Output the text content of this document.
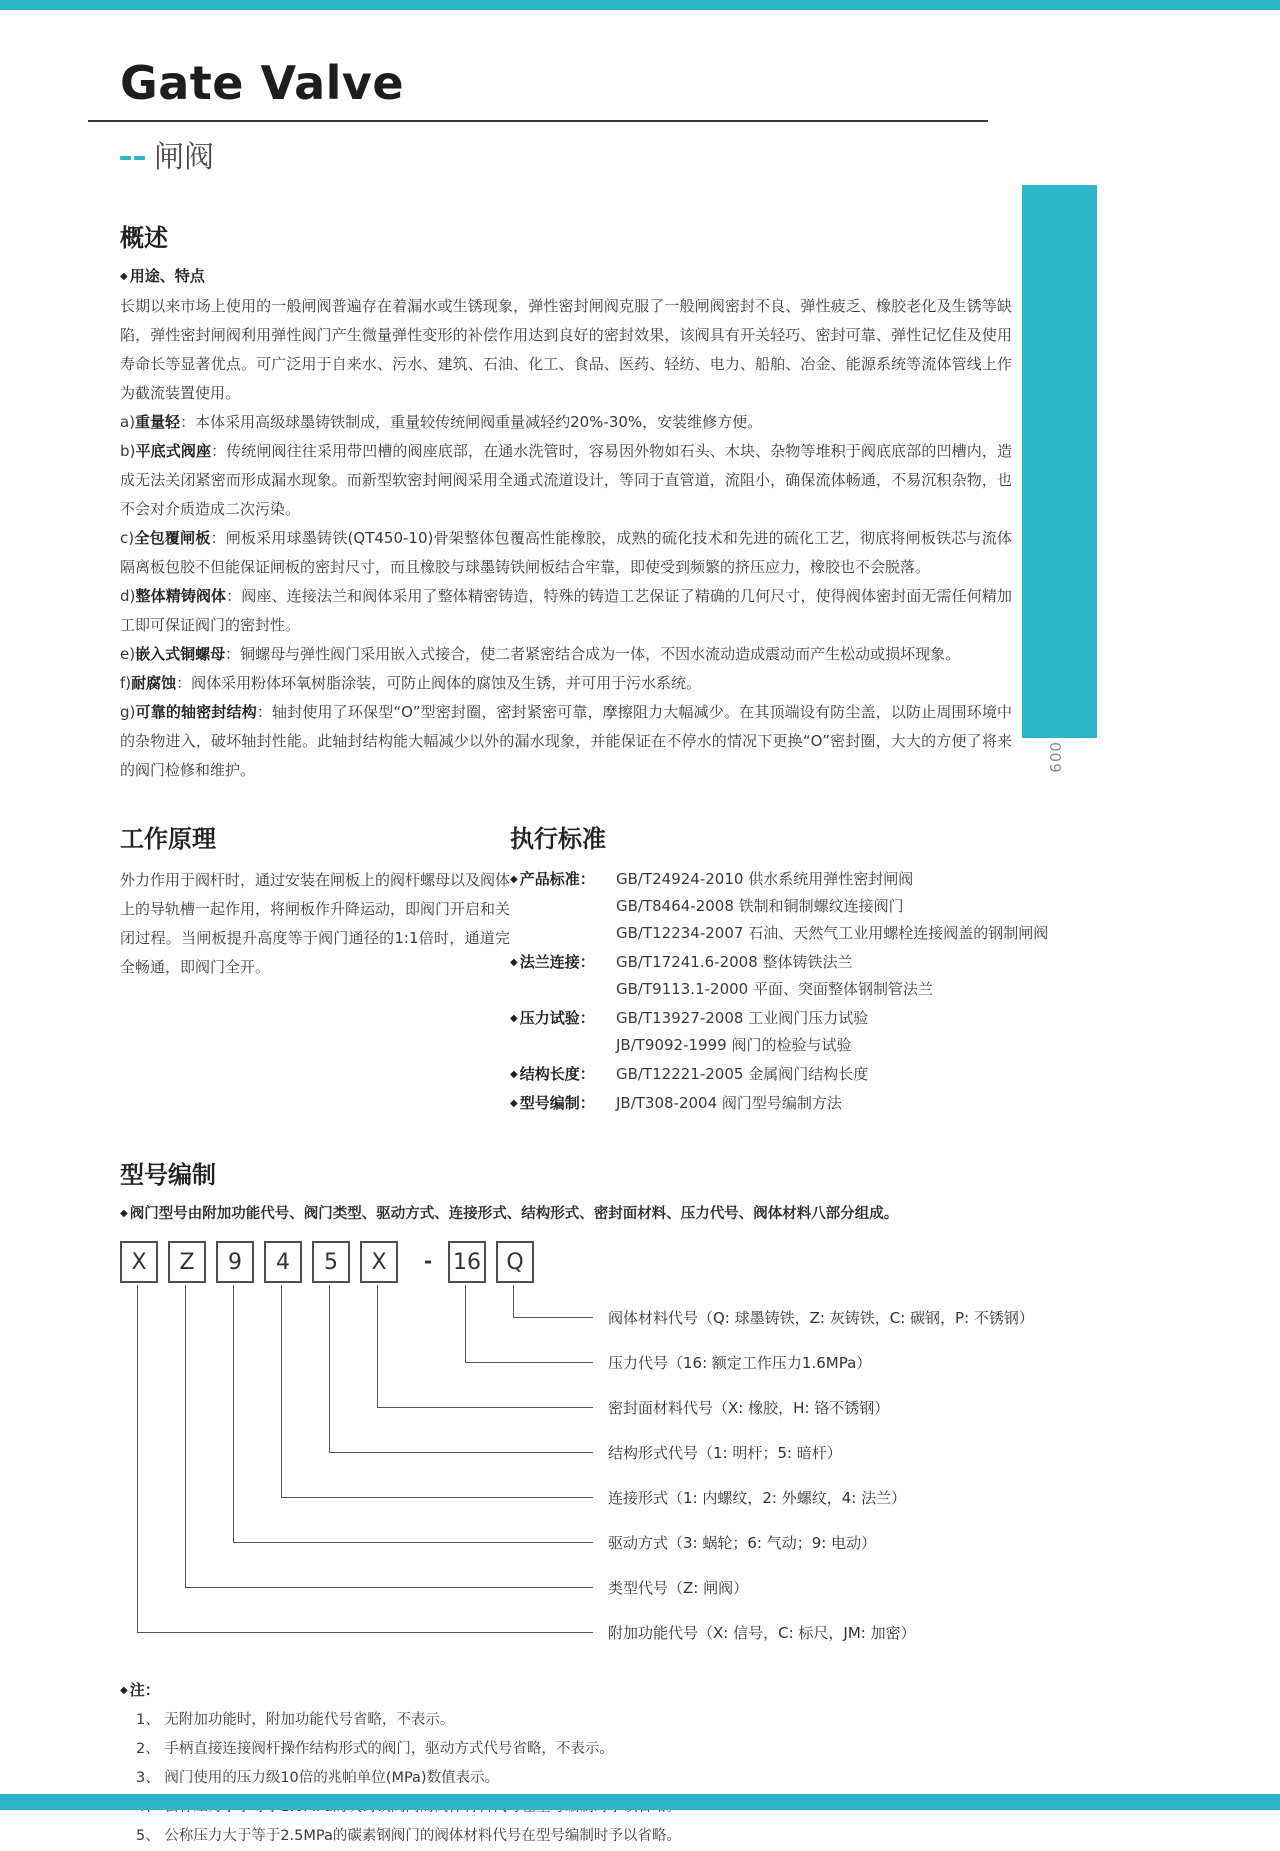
Gate Valve
闸阀
概述
◆ 用途、特点

长期以来市场上使用的一般闸阀普遍存在着漏水或生锈现象，弹性密封闸阀克服了一般闸阀密封不良、弹性疲乏、橡胶老化及生锈等缺陷，弹性密封闸阀利用弹性阀门产生微量弹性变形的补偿作用达到良好的密封效果，该阀具有开关轻巧、密封可靠、弹性记忆佳及使用寿命长等显著优点。可广泛用于自来水、污水、建筑、石油、化工、食品、医药、轻纺、电力、船舶、冶金、能源系统等流体管线上作为截流装置使用。

a)重量轻：本体采用高级球墨铸铁制成，重量较传统闸阀重量减轻约20%-30%，安装维修方便。

b)平底式阀座：传统闸阀往往采用带凹槽的阀座底部，在通水洗管时，容易因外物如石头、木块、杂物等堆积于阀底底部的凹槽内，造成无法关闭紧密而形成漏水现象。而新型软密封闸阀采用全通式流道设计，等同于直管道，流阻小，确保流体畅通，不易沉积杂物，也不会对介质造成二次污染。

c)全包覆闸板：闸板采用球墨铸铁(QT450-10)骨架整体包覆高性能橡胶，成熟的硫化技术和先进的硫化工艺，彻底将闸板铁芯与流体隔离板包胶不但能保证闸板的密封尺寸，而且橡胶与球墨铸铁闸板结合牢靠，即使受到频繁的挤压应力，橡胶也不会脱落。

d)整体精铸阀体：阀座、连接法兰和阀体采用了整体精密铸造，特殊的铸造工艺保证了精确的几何尺寸，使得阀体密封面无需任何精加工即可保证阀门的密封性。

e)嵌入式铜螺母：铜螺母与弹性阀门采用嵌入式接合，使二者紧密结合成为一体，不因水流动造成震动而产生松动或损坏现象。

f)耐腐蚀：阀体采用粉体环氧树脂涂装，可防止阀体的腐蚀及生锈，并可用于污水系统。

g)可靠的轴密封结构：轴封使用了环保型“O”型密封圈，密封紧密可靠，摩擦阻力大幅减少。在其顶端设有防尘盖，以防止周围环境中的杂物进入，破坏轴封性能。此轴封结构能大幅减少以外的漏水现象，并能保证在不停水的情况下更换“O”密封圈，大大的方便了将来的阀门检修和维护。

工作原理

外力作用于阀杆时，通过安装在闸板上的阀杆螺母以及阀体上的导轨槽一起作用，将闸板作升降运动，即阀门开启和关闭过程。当闸板提升高度等于阀门通径的1:1倍时，通道完全畅通，即阀门全开。

执行标准
◆ 产品标准：	GB/T24924-2010 供水系统用弹性密封闸阀
GB/T8464-2008 铁制和铜制螺纹连接阀门
GB/T12234-2007 石油、天然气工业用螺栓连接阀盖的钢制闸阀
◆ 法兰连接：	GB/T17241.6-2008 整体铸铁法兰
GB/T9113.1-2000 平面、突面整体钢制管法兰
◆ 压力试验：	GB/T13927-2008 工业阀门压力试验
JB/T9092-1999 阀门的检验与试验
◆ 结构长度：	GB/T12221-2005 金属阀门结构长度
◆ 型号编制：	JB/T308-2004 阀门型号编制方法
型号编制
◆ 阀门型号由附加功能代号、阀门类型、驱动方式、连接形式、结构形式、密封面材料、压力代号、阀体材料八部分组成。
X	Z	9	4	5	X	- 16	Q
附加功能代号（X: 信号，C: 标尺，JM: 加密）
类型代号（Z: 闸阀）
驱动方式（3: 蜗轮；6: 气动；9: 电动）
连接形式（1: 内螺纹，2: 外螺纹，4: 法兰）
结构形式代号（1: 明杆；5: 暗杆）
密封面材料代号（X: 橡胶，H: 铬不锈钢）
压力代号（16: 额定工作压力1.6MPa）
阀体材料代号（Q: 球墨铸铁，Z: 灰铸铁，C: 碳钢，P: 不锈钢）
◆ 注：
1、 无附加功能时，附加功能代号省略，不表示。
2、 手柄直接连接阀杆操作结构形式的阀门，驱动方式代号省略，不表示。
3、 阀门使用的压力级10倍的兆帕单位(MPa)数值表示。
5、 公称压力大于等于2.5MPa的碳素钢阀门的阀体材料代号在型号编制时予以省略。
闸阀系列
009
